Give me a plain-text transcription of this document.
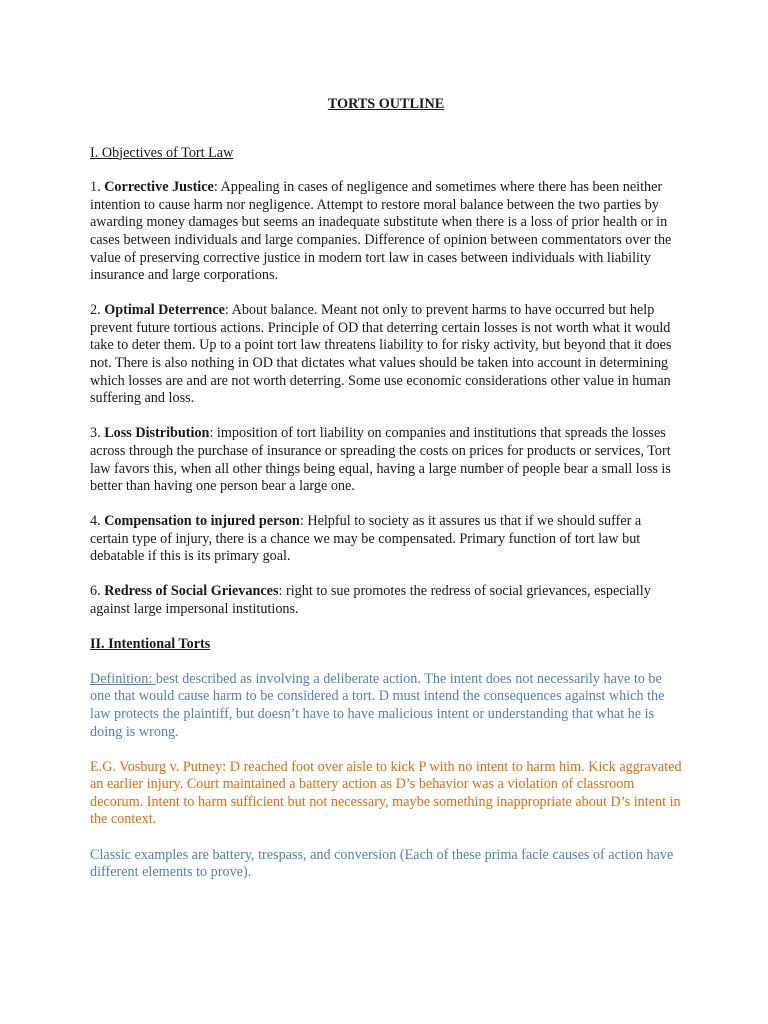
TORTS OUTLINE
I. Objectives of Tort Law

1. Corrective Justice: Appealing in cases of negligence and sometimes where there has been neither intention to cause harm nor negligence. Attempt to restore moral balance between the two parties by awarding money damages but seems an inadequate substitute when there is a loss of prior health or in cases between individuals and large companies. Difference of opinion between commentators over the value of preserving corrective justice in modern tort law in cases between individuals with liability insurance and large corporations.

2. Optimal Deterrence: About balance. Meant not only to prevent harms to have occurred but help prevent future tortious actions. Principle of OD that deterring certain losses is not worth what it would take to deter them. Up to a point tort law threatens liability to for risky activity, but beyond that it does not. There is also nothing in OD that dictates what values should be taken into account in determining which losses are and are not worth deterring. Some use economic considerations other value in human suffering and loss.

3. Loss Distribution: imposition of tort liability on companies and institutions that spreads the losses across through the purchase of insurance or spreading the costs on prices for products or services, Tort law favors this, when all other things being equal, having a large number of people bear a small loss is better than having one person bear a large one.

4. Compensation to injured person: Helpful to society as it assures us that if we should suffer a certain type of injury, there is a chance we may be compensated. Primary function of tort law but debatable if this is its primary goal.

6. Redress of Social Grievances: right to sue promotes the redress of social grievances, especially against large impersonal institutions.

II. Intentional Torts

Definition: best described as involving a deliberate action. The intent does not necessarily have to be one that would cause harm to be considered a tort. D must intend the consequences against which the law protects the plaintiff, but doesn’t have to have malicious intent or understanding that what he is doing is wrong.

E.G. Vosburg v. Putney: D reached foot over aisle to kick P with no intent to harm him. Kick aggravated an earlier injury. Court maintained a battery action as D’s behavior was a violation of classroom decorum. Intent to harm sufficient but not necessary, maybe something inappropriate about D’s intent in the context.

Classic examples are battery, trespass, and conversion (Each of these prima facie causes of action have different elements to prove).
